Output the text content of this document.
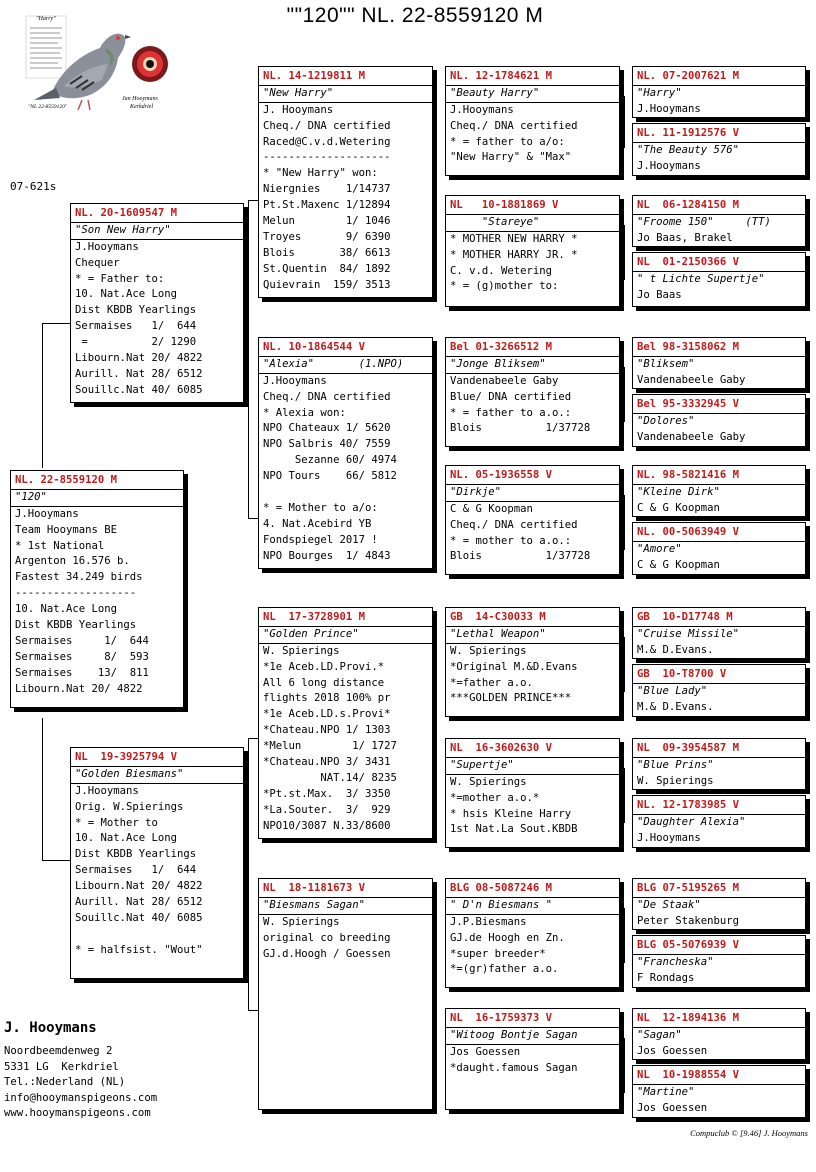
""120"" NL. 22-8559120 M
"Harry"
"NL 22-8559120"
Jan Hooymans
Kerkdriel
07-621s
NL. 22-8559120 M
"120"
J.Hooymans
Team Hooymans BE
* 1st National
Argenton 16.576 b.
Fastest 34.249 birds
-------------------
10. Nat.Ace Long
Dist KBDB Yearlings
Sermaises     1/  644
Sermaises     8/  593
Sermaises    13/  811
Libourn.Nat 20/ 4822
NL. 20-1609547 M
"Son New Harry"
J.Hooymans
Chequer
* = Father to:
10. Nat.Ace Long
Dist KBDB Yearlings
Sermaises   1/  644
=          2/ 1290
Libourn.Nat 20/ 4822
Aurill. Nat 28/ 6512
Souillc.Nat 40/ 6085
NL  19-3925794 V
"Golden Biesmans"
J.Hooymans
Orig. W.Spierings
* = Mother to
10. Nat.Ace Long
Dist KBDB Yearlings
Sermaises   1/  644
Libourn.Nat 20/ 4822
Aurill. Nat 28/ 6512
Souillc.Nat 40/ 6085
* = halfsist. "Wout"
NL. 14-1219811 M
"New Harry"
J. Hooymans
Cheq./ DNA certified
Raced@C.v.d.Wetering
--------------------
* "New Harry" won:
Niergnies    1/14737
Pt.St.Maxenc 1/12894
Melun        1/ 1046
Troyes       9/ 6390
Blois       38/ 6613
St.Quentin  84/ 1892
Quievrain  159/ 3513
NL. 10-1864544 V
"Alexia"       (1.NPO)
J.Hooymans
Cheq./ DNA certified
* Alexia won:
NPO Chateaux 1/ 5620
NPO Salbris 40/ 7559
Sezanne 60/ 4974
NPO Tours    66/ 5812
* = Mother to a/o:
4. Nat.Acebird YB
Fondspiegel 2017 !
NPO Bourges  1/ 4843
NL  17-3728901 M
"Golden Prince"
W. Spierings
*1e Aceb.LD.Provi.*
All 6 long distance
flights 2018 100% pr
*1e Aceb.LD.s.Provi*
*Chateau.NPO 1/ 1303
*Melun        1/ 1727
*Chateau.NPO 3/ 3431
NAT.14/ 8235
*Pt.st.Max.  3/ 3350
*La.Souter.  3/  929
NPO10/3087 N.33/8600
NL  18-1181673 V
"Biesmans Sagan"
W. Spierings
original co breeding
GJ.d.Hoogh / Goessen
NL. 12-1784621 M
"Beauty Harry"
J.Hooymans
Cheq./ DNA certified
* = father to a/o:
"New Harry" & "Max"
NL   10-1881869 V
"Stareye"
* MOTHER NEW HARRY *
* MOTHER HARRY JR. *
C. v.d. Wetering
* = (g)mother to:
Bel 01-3266512 M
"Jonge Bliksem"
Vandenabeele Gaby
Blue/ DNA certified
* = father to a.o.:
Blois          1/37728
NL. 05-1936558 V
"Dirkje"
C & G Koopman
Cheq./ DNA certified
* = mother to a.o.:
Blois          1/37728
GB  14-C30033 M
"Lethal Weapon"
W. Spierings
*Original M.&D.Evans
*=father a.o.
***GOLDEN PRINCE***
NL  16-3602630 V
"Supertje"
W. Spierings
*=mother a.o.*
* hsis Kleine Harry
1st Nat.La Sout.KBDB
BLG 08-5087246 M
" D'n Biesmans "
J.P.Biesmans
GJ.de Hoogh en Zn.
*super breeder*
*=(gr)father a.o.
NL  16-1759373 V
"Witoog Bontje Sagan
Jos Goessen
*daught.famous Sagan
NL. 07-2007621 M
"Harry"
J.Hooymans
NL. 11-1912576 V
"The Beauty 576"
J.Hooymans
NL  06-1284150 M
"Froome 150"     (TT)
Jo Baas, Brakel
NL  01-2150366 V
" t Lichte Supertje"
Jo Baas
Bel 98-3158062 M
"Bliksem"
Vandenabeele Gaby
Bel 95-3332945 V
"Dolores"
Vandenabeele Gaby
NL. 98-5821416 M
"Kleine Dirk"
C & G Koopman
NL. 00-5063949 V
"Amore"
C & G Koopman
GB  10-D17748 M
"Cruise Missile"
M.& D.Evans.
GB  10-T8700 V
"Blue Lady"
M.& D.Evans.
NL  09-3954587 M
"Blue Prins"
W. Spierings
NL. 12-1783985 V
"Daughter Alexia"
J.Hooymans
BLG 07-5195265 M
"De Staak"
Peter Stakenburg
BLG 05-5076939 V
"Francheska"
F Rondags
NL  12-1894136 M
"Sagan"
Jos Goessen
NL  10-1988554 V
"Martine"
Jos Goessen
J. Hooymans
Noordbeemdenweg 2
5331 LG  Kerkdriel
Tel.:Nederland (NL)
info@hooymanspigeons.com
www.hooymanspigeons.com
Compuclub © [9.46] J. Hooymans
